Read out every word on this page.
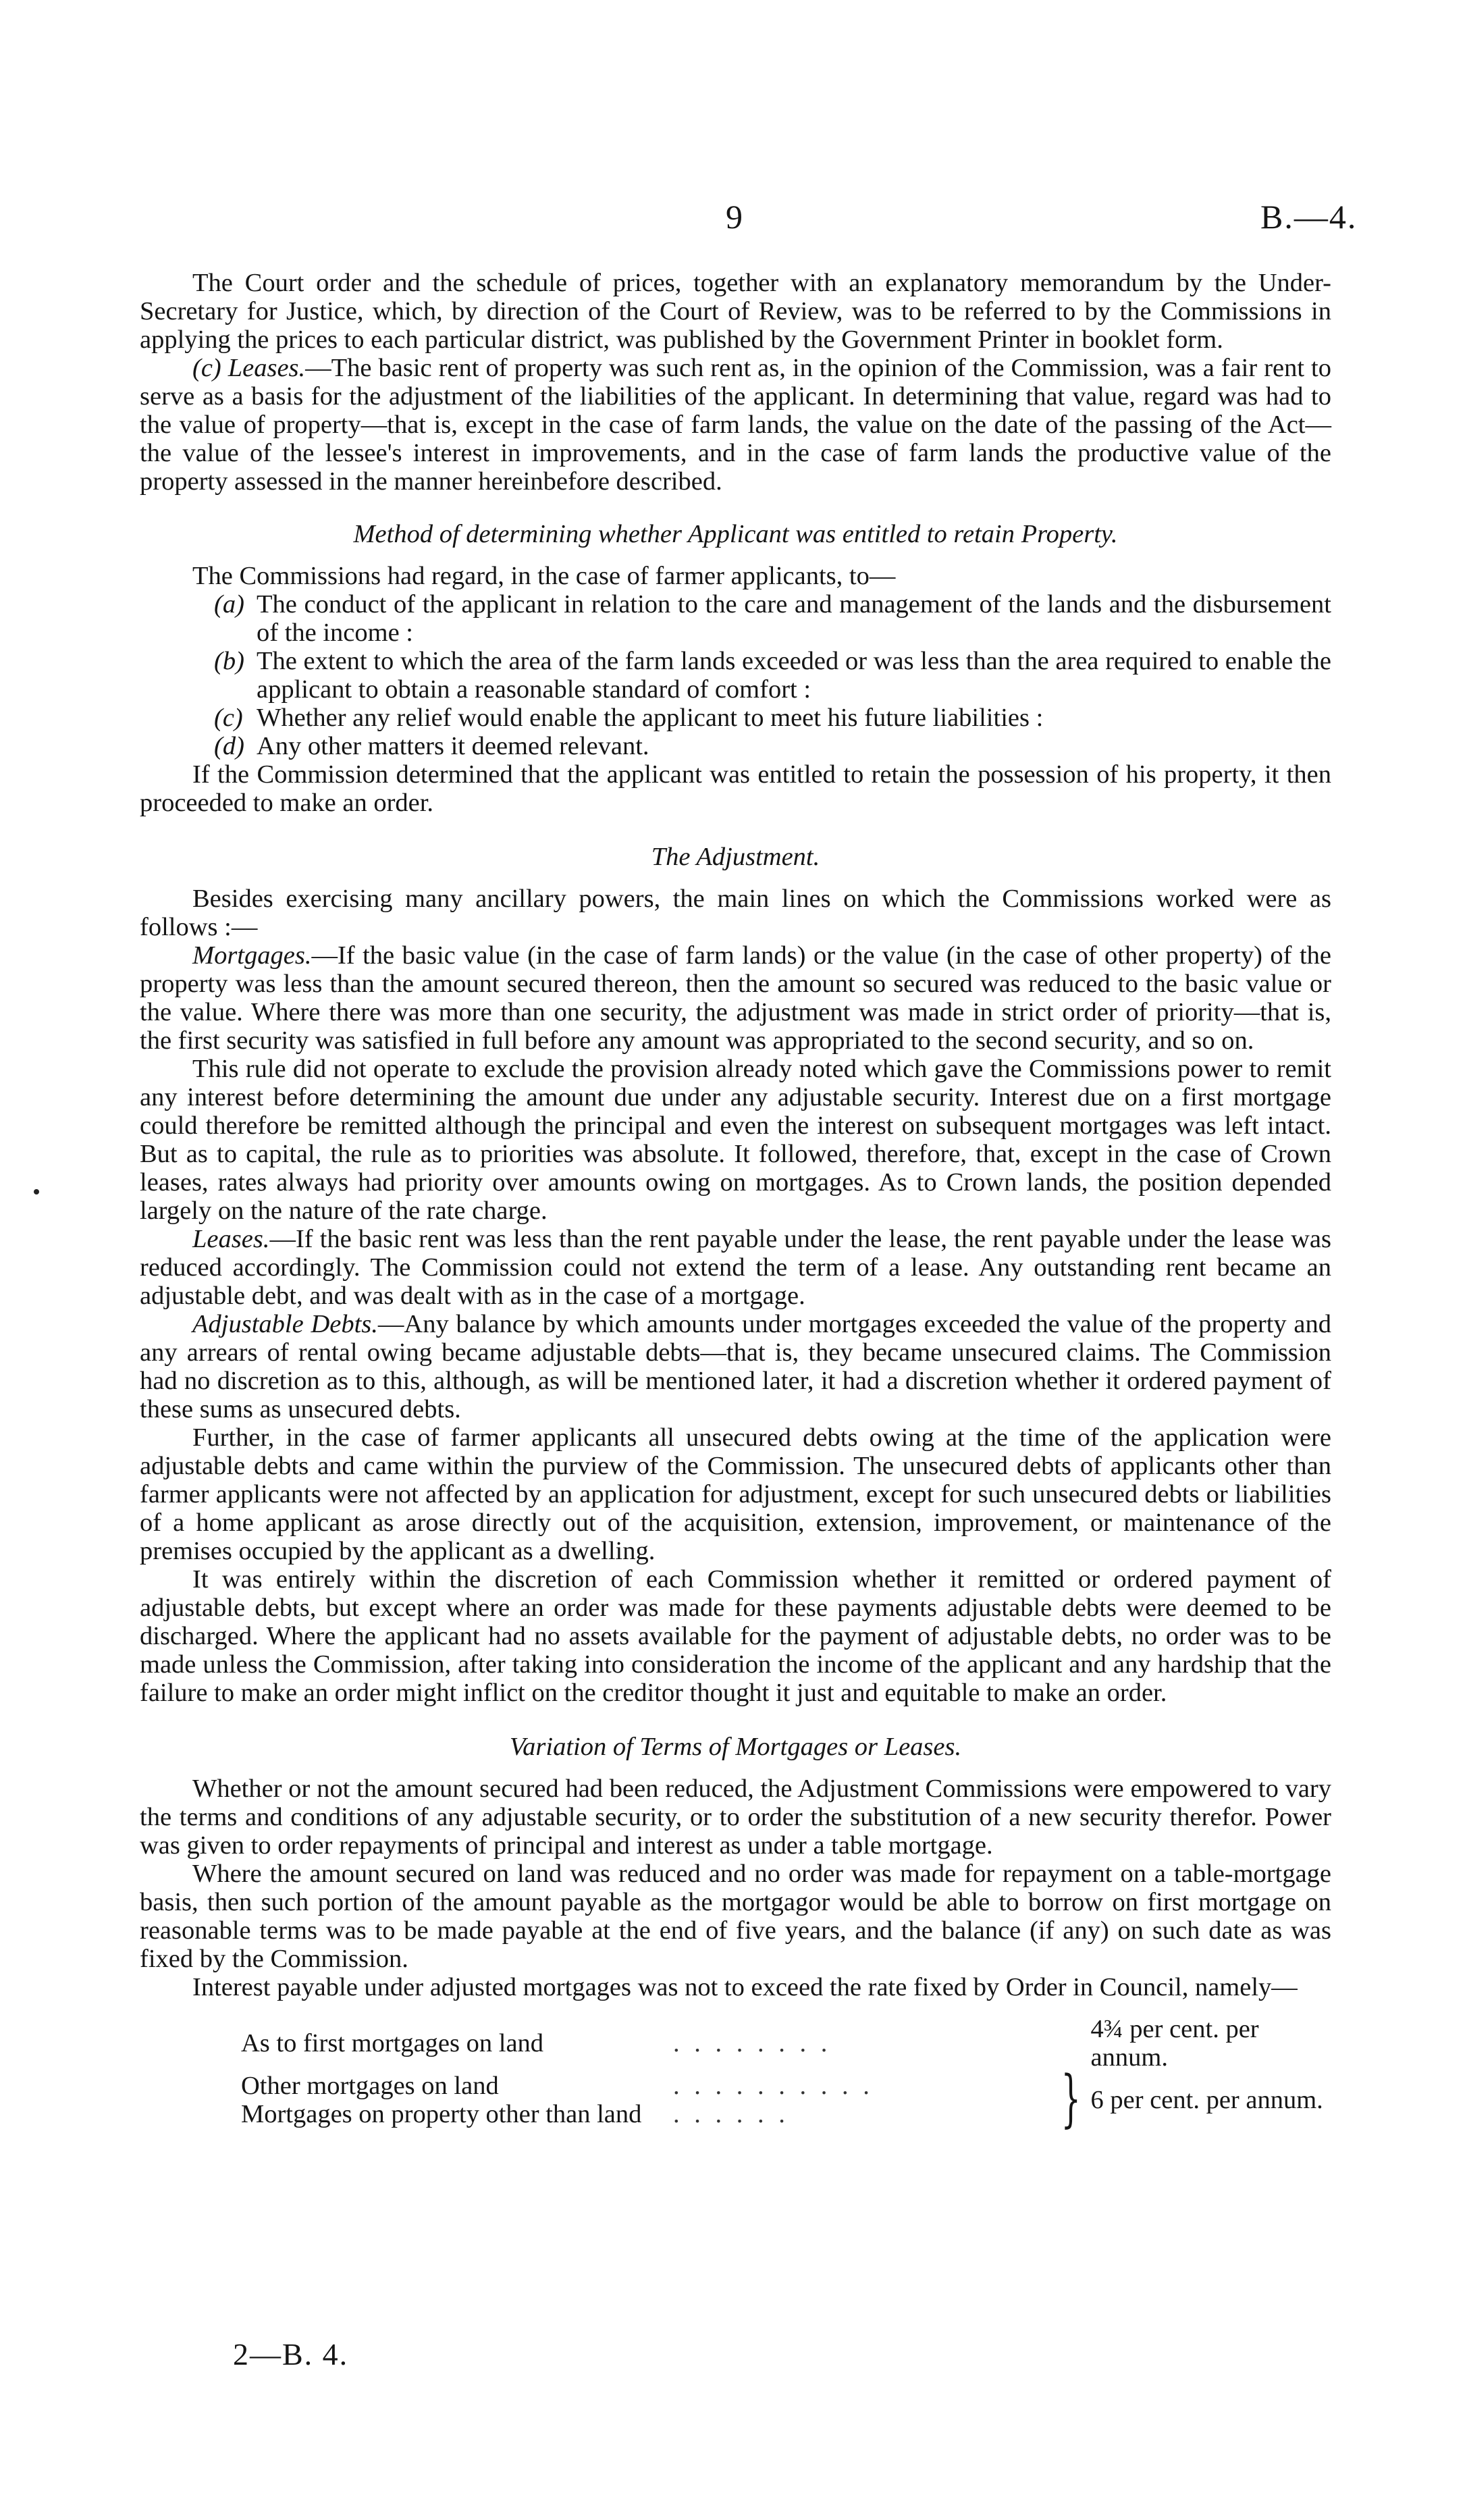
9	B.—4.

The Court order and the schedule of prices, together with an explanatory memorandum by the Under-Secretary for Justice, which, by direction of the Court of Review, was to be referred to by the Commissions in applying the prices to each particular district, was published by the Government Printer in booklet form.

(c) Leases.—The basic rent of property was such rent as, in the opinion of the Commission, was a fair rent to serve as a basis for the adjustment of the liabilities of the applicant. In determining that value, regard was had to the value of property—that is, except in the case of farm lands, the value on the date of the passing of the Act—the value of the lessee's interest in improvements, and in the case of farm lands the productive value of the property assessed in the manner hereinbefore described.

Method of determining whether Applicant was entitled to retain Property.

The Commissions had regard, in the case of farmer applicants, to—

(a) The conduct of the applicant in relation to the care and management of the lands and the disbursement of the income :
(b) The extent to which the area of the farm lands exceeded or was less than the area required to enable the applicant to obtain a reasonable standard of comfort :
(c) Whether any relief would enable the applicant to meet his future liabilities :
(d) Any other matters it deemed relevant.

If the Commission determined that the applicant was entitled to retain the possession of his property, it then proceeded to make an order.

The Adjustment.

Besides exercising many ancillary powers, the main lines on which the Commissions worked were as follows :—

Mortgages.—If the basic value (in the case of farm lands) or the value (in the case of other property) of the property was less than the amount secured thereon, then the amount so secured was reduced to the basic value or the value. Where there was more than one security, the adjustment was made in strict order of priority—that is, the first security was satisfied in full before any amount was appropriated to the second security, and so on.

This rule did not operate to exclude the provision already noted which gave the Commissions power to remit any interest before determining the amount due under any adjustable security. Interest due on a first mortgage could therefore be remitted although the principal and even the interest on subsequent mortgages was left intact. But as to capital, the rule as to priorities was absolute. It followed, therefore, that, except in the case of Crown leases, rates always had priority over amounts owing on mortgages. As to Crown lands, the position depended largely on the nature of the rate charge.

Leases.—If the basic rent was less than the rent payable under the lease, the rent payable under the lease was reduced accordingly. The Commission could not extend the term of a lease. Any outstanding rent became an adjustable debt, and was dealt with as in the case of a mortgage.

Adjustable Debts.—Any balance by which amounts under mortgages exceeded the value of the property and any arrears of rental owing became adjustable debts—that is, they became unsecured claims. The Commission had no discretion as to this, although, as will be mentioned later, it had a discretion whether it ordered payment of these sums as unsecured debts.

Further, in the case of farmer applicants all unsecured debts owing at the time of the application were adjustable debts and came within the purview of the Commission. The unsecured debts of applicants other than farmer applicants were not affected by an application for adjustment, except for such unsecured debts or liabilities of a home applicant as arose directly out of the acquisition, extension, improvement, or maintenance of the premises occupied by the applicant as a dwelling.

It was entirely within the discretion of each Commission whether it remitted or ordered payment of adjustable debts, but except where an order was made for these payments adjustable debts were deemed to be discharged. Where the applicant had no assets available for the payment of adjustable debts, no order was to be made unless the Commission, after taking into consideration the income of the applicant and any hardship that the failure to make an order might inflict on the creditor thought it just and equitable to make an order.

Variation of Terms of Mortgages or Leases.

Whether or not the amount secured had been reduced, the Adjustment Commissions were empowered to vary the terms and conditions of any adjustable security, or to order the substitution of a new security therefor. Power was given to order repayments of principal and interest as under a table mortgage.

Where the amount secured on land was reduced and no order was made for repayment on a table-mortgage basis, then such portion of the amount payable as the mortgagor would be able to borrow on first mortgage on reasonable terms was to be made payable at the end of five years, and the balance (if any) on such date as was fixed by the Commission.

Interest payable under adjusted mortgages was not to exceed the rate fixed by Order in Council, namely—

As to first mortgages on land	. . . . . . . .		4¾ per cent. per annum.
Other mortgages on land	. . . . . . . . . .	}	6 per cent. per annum.
Mortgages on property other than land	. . . . . .		
2—B. 4.
